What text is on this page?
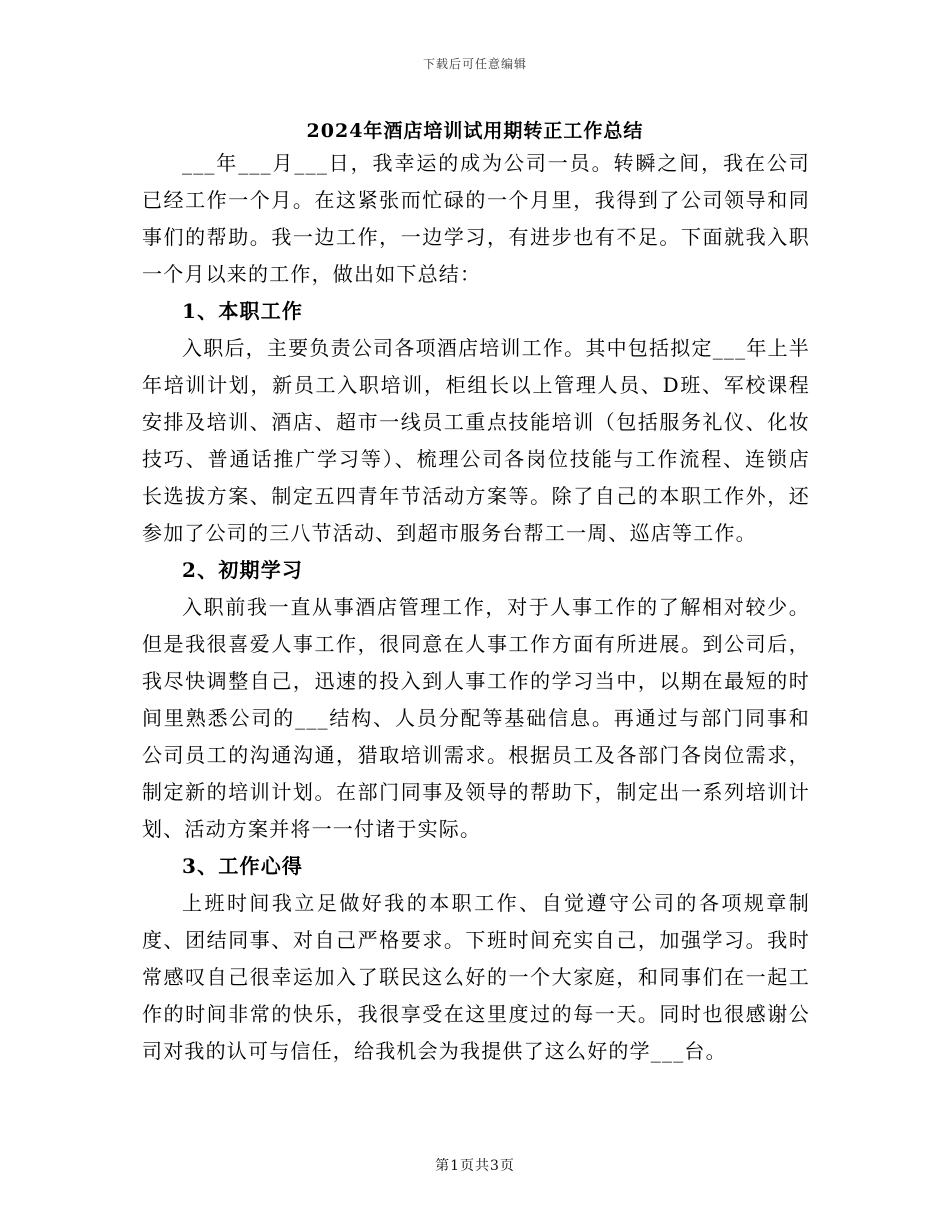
下载后可任意编辑
2024年酒店培训试用期转正工作总结

___年___月___日，我幸运的成为公司一员。转瞬之间，我在公司已经工作一个月。在这紧张而忙碌的一个月里，我得到了公司领导和同事们的帮助。我一边工作，一边学习，有进步也有不足。下面就我入职一个月以来的工作，做出如下总结：

1、本职工作

入职后，主要负责公司各项酒店培训工作。其中包括拟定___年上半年培训计划，新员工入职培训，柜组长以上管理人员、D班、军校课程安排及培训、酒店、超市一线员工重点技能培训（包括服务礼仪、化妆技巧、普通话推广学习等）、梳理公司各岗位技能与工作流程、连锁店长选拔方案、制定五四青年节活动方案等。除了自己的本职工作外，还参加了公司的三八节活动、到超市服务台帮工一周、巡店等工作。

2、初期学习

入职前我一直从事酒店管理工作，对于人事工作的了解相对较少。但是我很喜爱人事工作，很同意在人事工作方面有所进展。到公司后，我尽快调整自己，迅速的投入到人事工作的学习当中，以期在最短的时间里熟悉公司的___结构、人员分配等基础信息。再通过与部门同事和公司员工的沟通沟通，猎取培训需求。根据员工及各部门各岗位需求，制定新的培训计划。在部门同事及领导的帮助下，制定出一系列培训计划、活动方案并将一一付诸于实际。

3、工作心得

上班时间我立足做好我的本职工作、自觉遵守公司的各项规章制度、团结同事、对自己严格要求。下班时间充实自己，加强学习。我时常感叹自己很幸运加入了联民这么好的一个大家庭，和同事们在一起工作的时间非常的快乐，我很享受在这里度过的每一天。同时也很感谢公司对我的认可与信任，给我机会为我提供了这么好的学___台。

第1页共3页
